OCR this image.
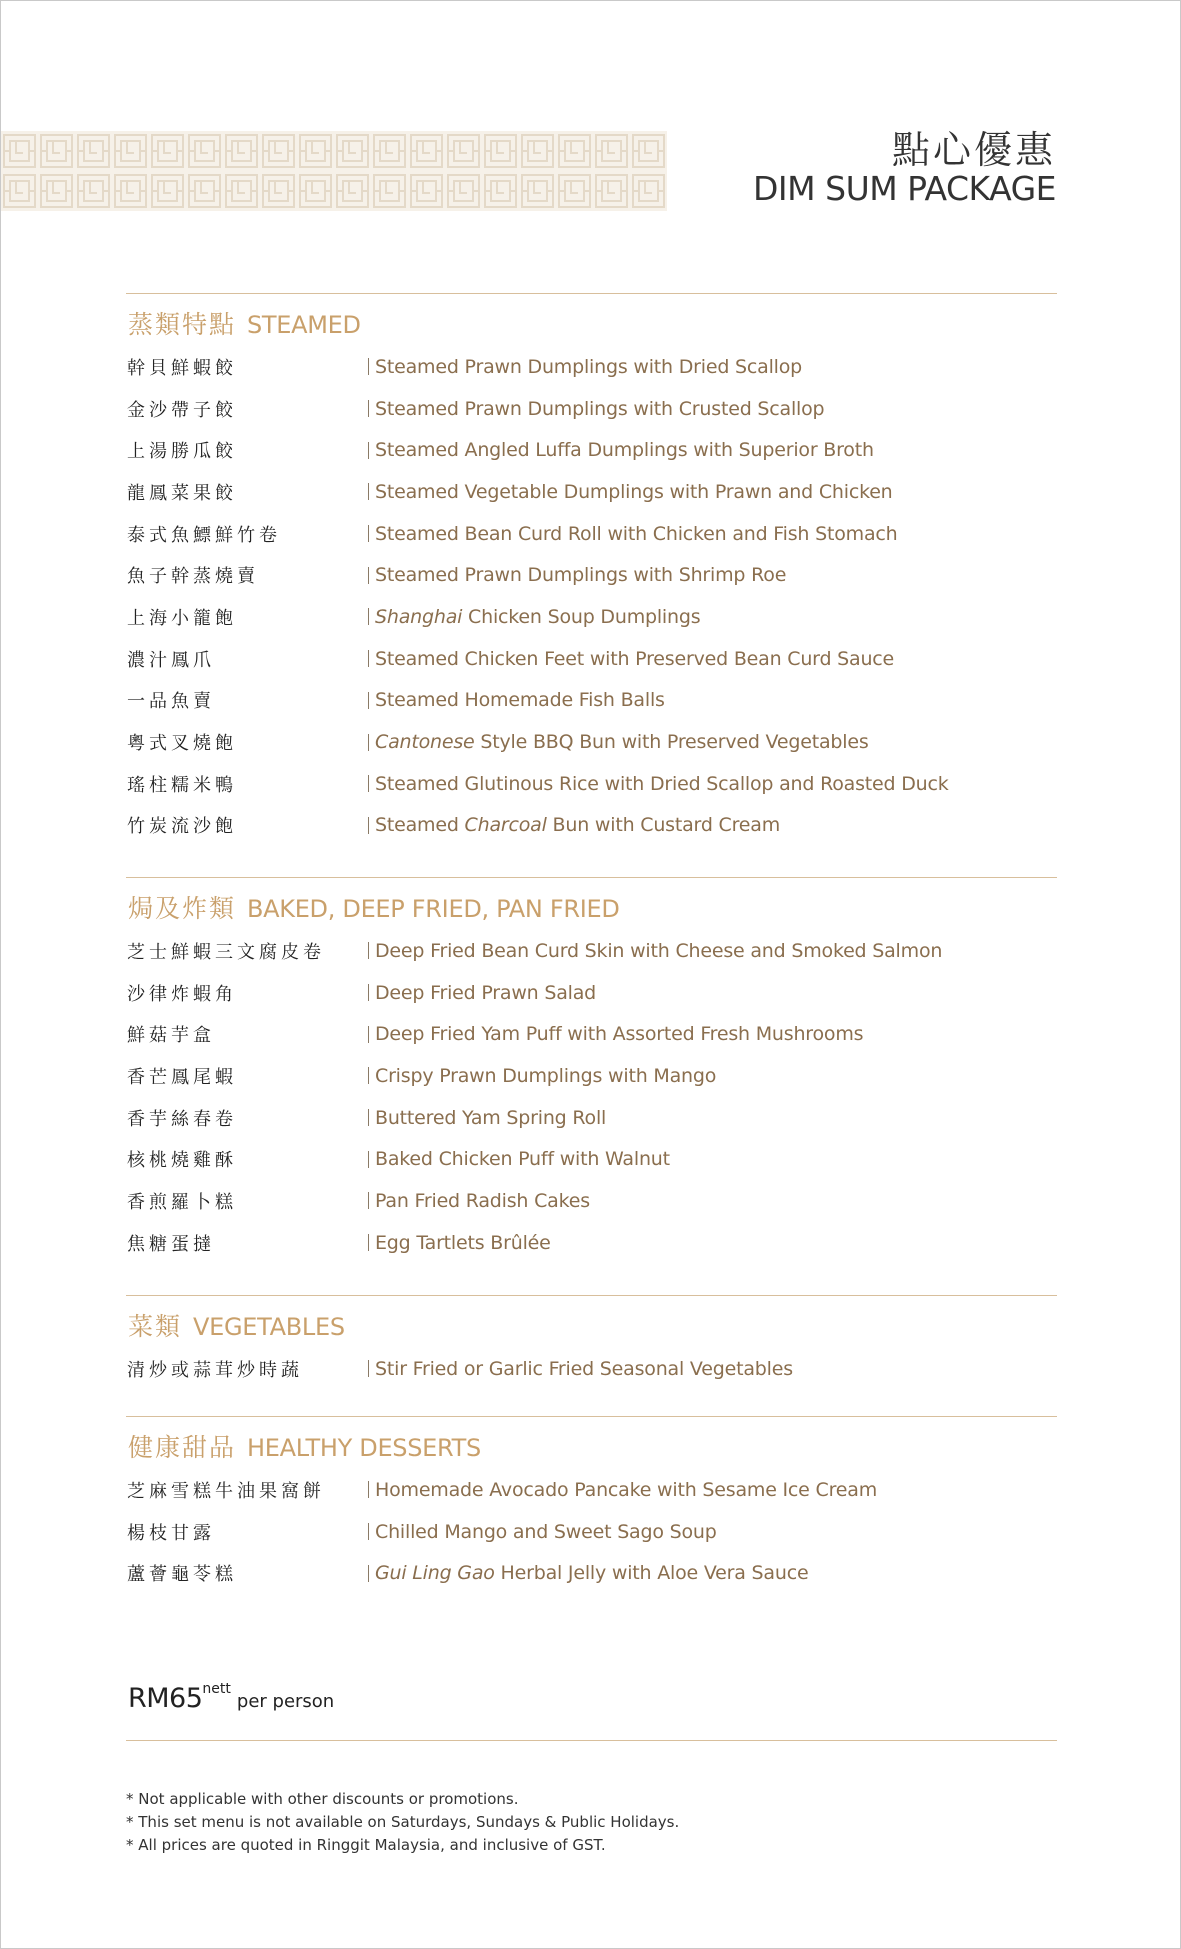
點心優惠
DIM SUM PACKAGE
蒸類特點 STEAMED
幹貝鮮蝦餃	Steamed Prawn Dumplings with Dried Scallop
金沙帶子餃	Steamed Prawn Dumplings with Crusted Scallop
上湯勝瓜餃	Steamed Angled Luffa Dumplings with Superior Broth
龍鳳菜果餃	Steamed Vegetable Dumplings with Prawn and Chicken
泰式魚鰾鮮竹卷	Steamed Bean Curd Roll with Chicken and Fish Stomach
魚子幹蒸燒賣	Steamed Prawn Dumplings with Shrimp Roe
上海小籠飽	Shanghai Chicken Soup Dumplings
濃汁鳳爪	Steamed Chicken Feet with Preserved Bean Curd Sauce
一品魚賣	Steamed Homemade Fish Balls
粵式叉燒飽	Cantonese Style BBQ Bun with Preserved Vegetables
瑤柱糯米鴨	Steamed Glutinous Rice with Dried Scallop and Roasted Duck
竹炭流沙飽	Steamed Charcoal Bun with Custard Cream
焗及炸類 BAKED, DEEP FRIED, PAN FRIED
芝士鮮蝦三文腐皮卷	Deep Fried Bean Curd Skin with Cheese and Smoked Salmon
沙律炸蝦角	Deep Fried Prawn Salad
鮮菇芋盒	Deep Fried Yam Puff with Assorted Fresh Mushrooms
香芒鳳尾蝦	Crispy Prawn Dumplings with Mango
香芋絲春卷	Buttered Yam Spring Roll
核桃燒雞酥	Baked Chicken Puff with Walnut
香煎羅卜糕	Pan Fried Radish Cakes
焦糖蛋撻	Egg Tartlets Brûlée
菜類 VEGETABLES
清炒或蒜茸炒時蔬	Stir Fried or Garlic Fried Seasonal Vegetables
健康甜品 HEALTHY DESSERTS
芝麻雪糕牛油果窩餅	Homemade Avocado Pancake with Sesame Ice Cream
楊枝甘露	Chilled Mango and Sweet Sago Soup
蘆薈龜苓糕	Gui Ling Gao Herbal Jelly with Aloe Vera Sauce
RM65nettper person
* Not applicable with other discounts or promotions.
* This set menu is not available on Saturdays, Sundays & Public Holidays.
* All prices are quoted in Ringgit Malaysia, and inclusive of GST.
